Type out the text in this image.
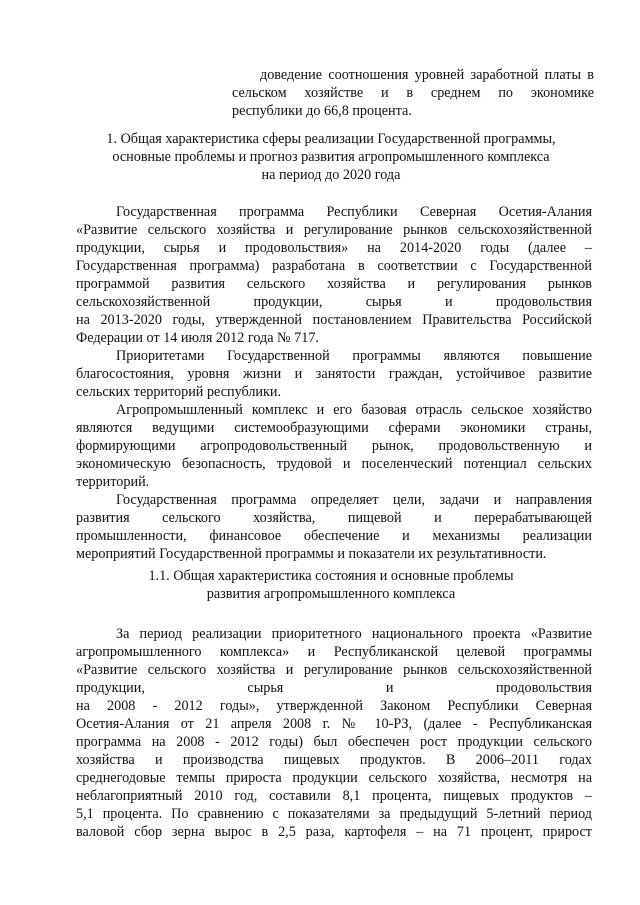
доведение соотношения уровней заработной платы в
сельском хозяйстве и в среднем по экономике
республики до 66,8 процента.
1. Общая характеристика сферы реализации Государственной программы,
основные проблемы и прогноз развития агропромышленного комплекса
на период до 2020 года
Государственная программа Республики Северная Осетия-Алания
«Развитие сельского хозяйства и регулирование рынков сельскохозяйственной
продукции, сырья и продовольствия» на 2014-2020 годы (далее –
Государственная программа) разработана в соответствии с Государственной
программой развития сельского хозяйства и регулирования рынков
сельскохозяйственной продукции, сырья и продовольствия
на 2013-2020 годы, утвержденной постановлением Правительства Российской
Федерации от 14 июля 2012 года № 717.
Приоритетами Государственной программы являются повышение
благосостояния, уровня жизни и занятости граждан, устойчивое развитие
сельских территорий республики.
Агропромышленный комплекс и его базовая отрасль сельское хозяйство
являются ведущими системообразующими сферами экономики страны,
формирующими агропродовольственный рынок, продовольственную и
экономическую безопасность, трудовой и поселенческий потенциал сельских
территорий.
Государственная программа определяет цели, задачи и направления
развития сельского хозяйства, пищевой и перерабатывающей
промышленности, финансовое обеспечение и механизмы реализации
мероприятий Государственной программы и показатели их результативности.
1.1. Общая характеристика состояния и основные проблемы
развития агропромышленного комплекса
За период реализации приоритетного национального проекта «Развитие
агропромышленного комплекса» и Республиканской целевой программы
«Развитие сельского хозяйства и регулирование рынков сельскохозяйственной
продукции, сырья и продовольствия
на 2008 - 2012 годы», утвержденной Законом Республики Северная
Осетия-Алания от 21 апреля 2008 г. № 10-РЗ, (далее - Республиканская
программа на 2008 - 2012 годы) был обеспечен рост продукции сельского
хозяйства и производства пищевых продуктов. В 2006–2011 годах
среднегодовые темпы прироста продукции сельского хозяйства, несмотря на
неблагоприятный 2010 год, составили 8,1 процента, пищевых продуктов –
5,1 процента. По сравнению с показателями за предыдущий 5-летний период
валовой сбор зерна вырос в 2,5 раза, картофеля – на 71 процент, прирост
